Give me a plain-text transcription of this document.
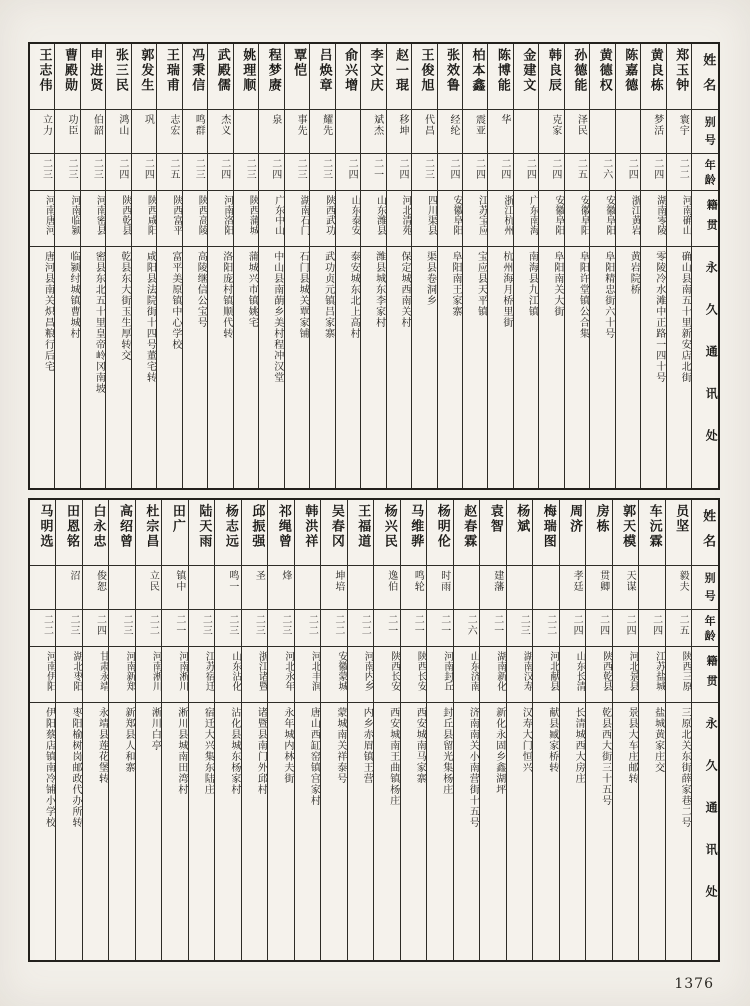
王志伟
立力
二三
河南唐河
唐河县南关炽昌粮行后宅
曹殿勋
功臣
二三
河南临颍
临颍纣城镇曹城村
申进贤
伯韶
二三
河南密县
密县东北五十里皇帝岭冈南坡
张三民
鸿山
二四
陕西乾县
乾县东大街玉生厚转交
郭发生
巩
二四
陕西咸阳
咸阳县法院街十四号董宅转
王瑞甫
志宏
二五
陕西富平
富平美原镇中心学校
冯秉信
鸣群
二三
陕西高陵
高陵继信公宝号
武殿儒
杰义
二四
河南洛阳
洛阳庞村镇顺代转
姚理顺
二三
陕西蒲城
蒲城兴市镇姚宅
程梦赓
泉
二四
广东中山
中山县南蓢乡美村程冲汉堂
覃恺
事先
二三
湖南石门
石门县城关覃家铺
吕焕章
耀先
二三
陕西武功
武功贞元镇吕家寨
俞兴增
二四
山东泰安
泰安城东北上高村
李文庆
斌杰
二一
山东潍县
潍县城东李家村
赵一琨
移坤
二四
河北清苑
保定城西南关村
王俊旭
代昌
二三
四川渠县
渠县卷洞乡
张效鲁
经纶
二四
安徽阜阳
阜阳南王家寨
柏本鑫
震亚
二四
江苏宝应
宝应县天平镇
陈博能
华
二四
浙江杭州
杭州海月桥里街
金建文
二四
广东南海
南海县九江镇
韩良辰
克家
二四
安徽阜阳
阜阳南关大街
孙德能
泽民
二五
安徽阜阳
阜阳许堂镇公合集
黄德权
二六
安徽阜阳
阜阳精忠街六十号
陈嘉德
二四
浙江黄岩
黄岩院桥
黄良栋
梦活
二四
湖南零陵
零陵冷水滩中正路一四十号
郑玉钟
寰宇
二二
河南确山
确山县南五十里新安店北街
姓名
别号
年龄
籍贯
永久通讯处
马明选
二二
河南伊阳
伊阳蔡店镇南冷铺小学校
田恩铭
沼
二三
湖北枣阳
枣阳榆树岗邮政代办所转
白永忠
俊恕
二四
甘肃永靖
永靖县莲花堡转
高绍曾
二三
河南新郑
新郑县人和寨
杜宗昌
立民
二二
河南淅川
淅川白亭
田广
镇中
二一
河南淅川
淅川县城南田湾村
陆天雨
二三
江苏宿迁
宿迁大兴集东陆庄
杨志远
鸣一
二三
山东沾化
沾化县城东杨家村
邱振强
圣
二三
浙江诸暨
诸暨县南门外邱村
祁绳曾
烽
二三
河北永年
永年城内林夫街
韩洪祥
二二
河北丰润
唐山西缸窑镇宫家村
吴春冈
坤培
二二
安徽蒙城
蒙城南关祥泰号
王福道
二二
河南内乡
内乡赤眉镇王营
杨兴民
逸伯
二一
陕西长安
西安城南王曲镇杨庄
马维骅
鸣轮
二一
陕西长安
西安城南马家寨
杨明伦
时雨
二一
河南封丘
封丘县留光集杨庄
赵春霖
二六
山东济南
济南南关小南营街十五号
袁智
建藩
二一
湖南新化
新化永固乡鑫湖坪
杨斌
二三
湖南汉寿
汉寿大门恒兴
梅瑞图
二二
河北献县
献县臧家桥转
周济
孝廷
二四
山东长清
长清城西大房庄
房栋
贯卿
二四
陕西乾县
乾县西大街三十五号
郭天模
天谋
二四
河北景县
景县大车庄邮转
车沅霖
二四
江苏盐城
盐城黄家庄交
员坚
毅夫
二五
陕西三原
三原北关东街薛家巷二号
姓名
别号
年龄
籍贯
永久通讯处
1376
